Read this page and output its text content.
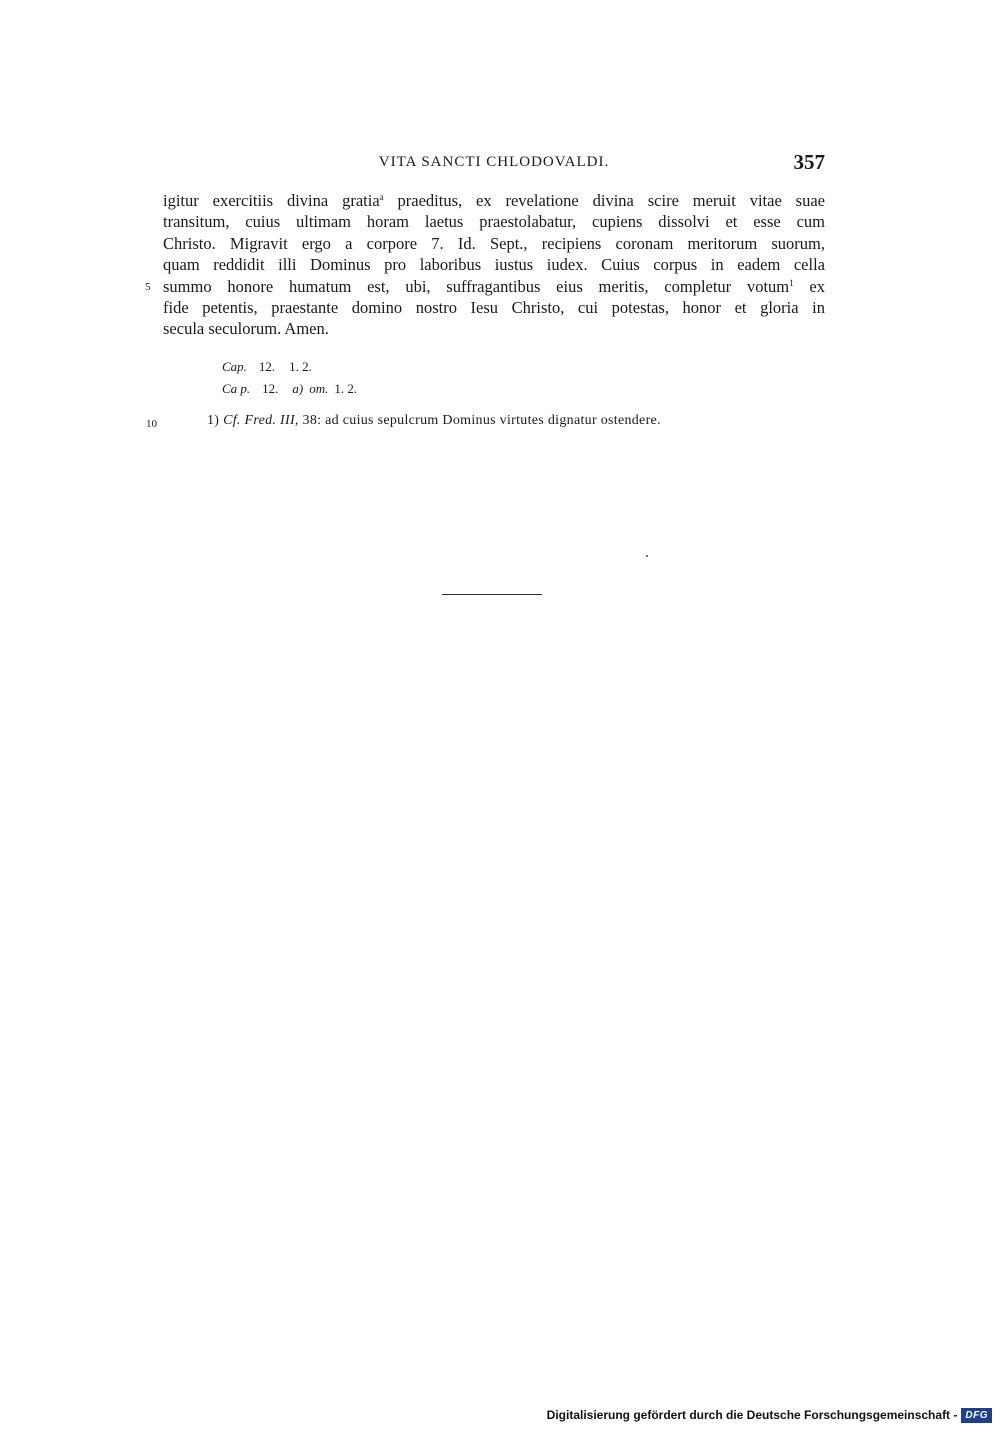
VITA SANCTI CHLODOVALDI.	357
igitur exercitiis divina gratia$^a$ praeditus, ex revelatione divina scire meruit vitae suae
transitum, cuius ultimam horam laetus praestolabatur, cupiens dissolvi et esse cum
Christo. Migravit ergo a corpore 7. Id. Sept., recipiens coronam meritorum suorum,
quam reddidit illi Dominus pro laboribus iustus iudex. Cuius corpus in eadem cella
summo honore humatum est, ubi, suffragantibus eius meritis, completur votum$^1$ ex
fide petentis, praestante domino nostro Iesu Christo, cui potestas, honor et gloria in
secula seculorum. Amen.
5
10
Cap. 12. 1. 2.
Ca p. 12. a) om. 1. 2.
1) Cf. Fred. III, 38: ad cuius sepulcrum Dominus virtutes dignatur ostendere.
Digitalisierung gefördert durch die Deutsche Forschungsgemeinschaft - DFG
